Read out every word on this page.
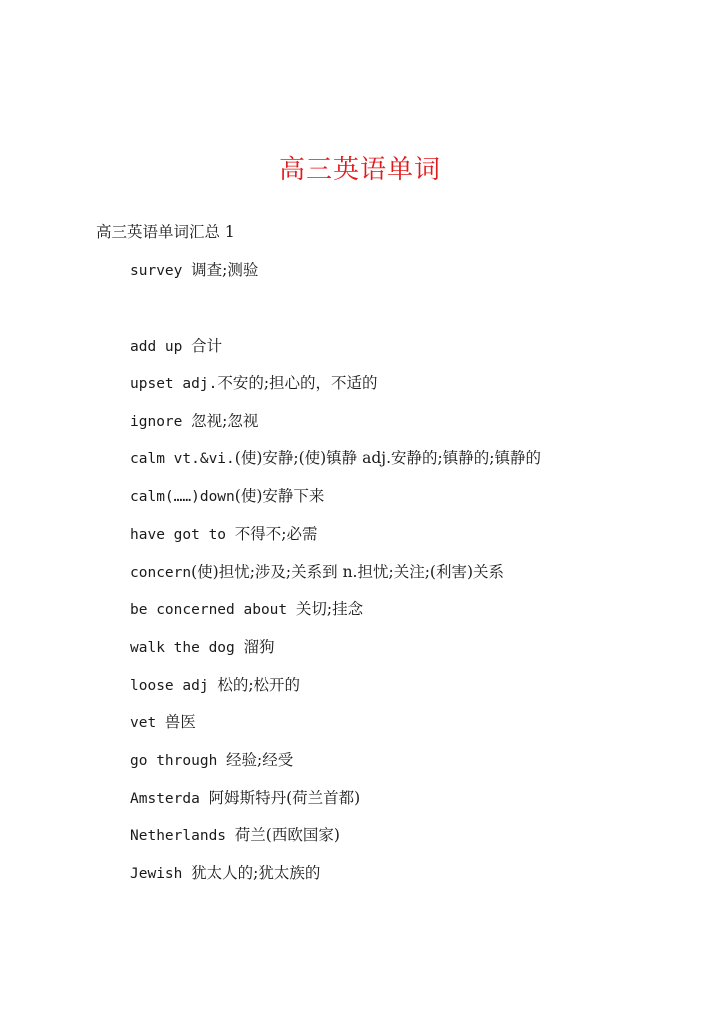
高三英语单词
高三英语单词汇总 1
survey 调查;测验
add up 合计
upset adj.不安的;担心的，不适的
ignore 忽视;忽视
calm vt.&vi.(使)安静;(使)镇静 adj.安静的;镇静的;镇静的
calm(……)down(使)安静下来
have got to 不得不;必需
concern(使)担忧;涉及;关系到 n.担忧;关注;(利害)关系
be concerned about 关切;挂念
walk the dog 溜狗
loose adj 松的;松开的
vet 兽医
go through 经验;经受
Amsterda 阿姆斯特丹(荷兰首都)
Netherlands 荷兰(西欧国家)
Jewish 犹太人的;犹太族的
